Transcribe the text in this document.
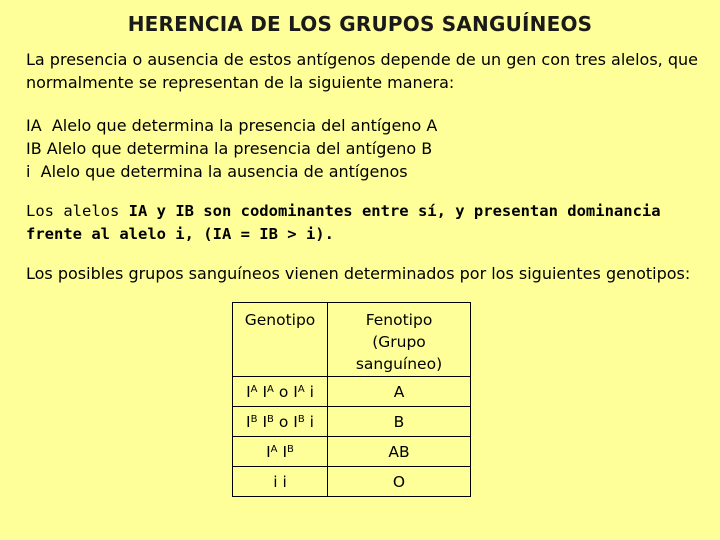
HERENCIA DE LOS GRUPOS SANGUÍNEOS
La presencia o ausencia de estos antígenos depende de un gen con tres alelos, que
normalmente se representan de la siguiente manera:
IA  Alelo que determina la presencia del antígeno A
IB Alelo que determina la presencia del antígeno B
i  Alelo que determina la ausencia de antígenos
Los alelos IA y IB son codominantes entre sí, y presentan dominancia
frente al alelo i, (IA = IB > i).
Los posibles grupos sanguíneos vienen determinados por los siguientes genotipos:
Genotipo	Fenotipo
(Grupo
sanguíneo)

$I^A$ $I^A$ o $I^A$ i	A
$I^B$ $I^B$ o $I^B$ i	B
$I^A$ $I^B$	AB
i i	O
